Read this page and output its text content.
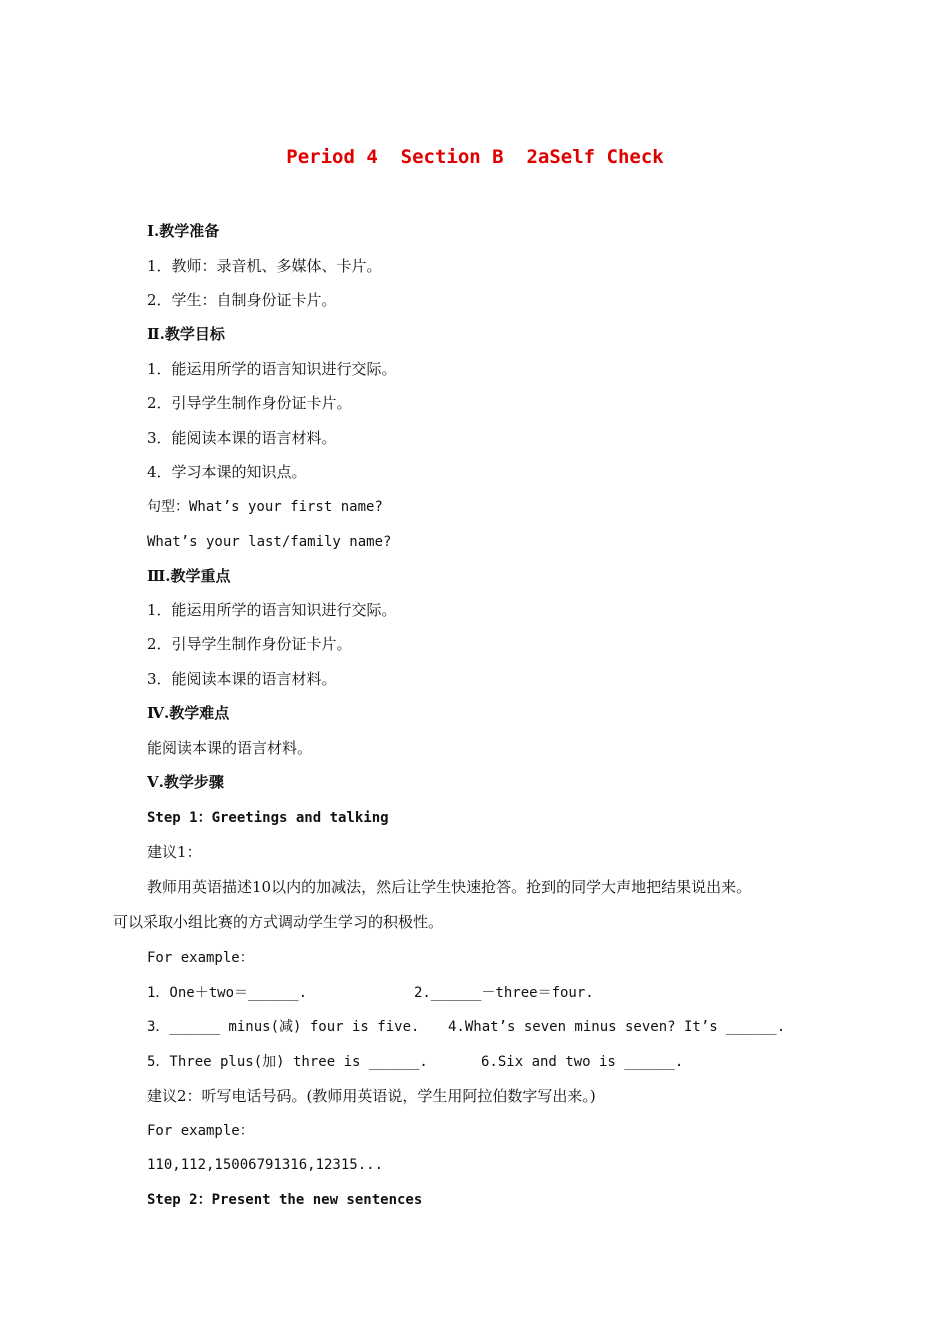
Period 4  Section B  2aSelf Check
Ⅰ.教学准备
1．教师：录音机、多媒体、卡片。
2．学生：自制身份证卡片。
Ⅱ.教学目标
1．能运用所学的语言知识进行交际。
2．引导学生制作身份证卡片。
3．能阅读本课的语言材料。
4．学习本课的知识点。
句型：What’s your first name?
What’s your last/family name?
Ⅲ.教学重点
1．能运用所学的语言知识进行交际。
2．引导学生制作身份证卡片。
3．能阅读本课的语言材料。
Ⅳ.教学难点
能阅读本课的语言材料。
Ⅴ.教学步骤
Step 1：Greetings and talking
建议1：
教师用英语描述10以内的加减法，然后让学生快速抢答。抢到的同学大声地把结果说出来。
可以采取小组比赛的方式调动学生学习的积极性。
For example：
1．One＋two＝______.	2.______－three＝four.
3．______ minus(减) four is five. 4.What’s seven minus seven? It’s ______.
5．Three plus(加) three is ______.	6.Six and two is ______.
建议2：听写电话号码。(教师用英语说，学生用阿拉伯数字写出来。)
For example：
110,112,15006791316,12315...
Step 2：Present the new sentences
